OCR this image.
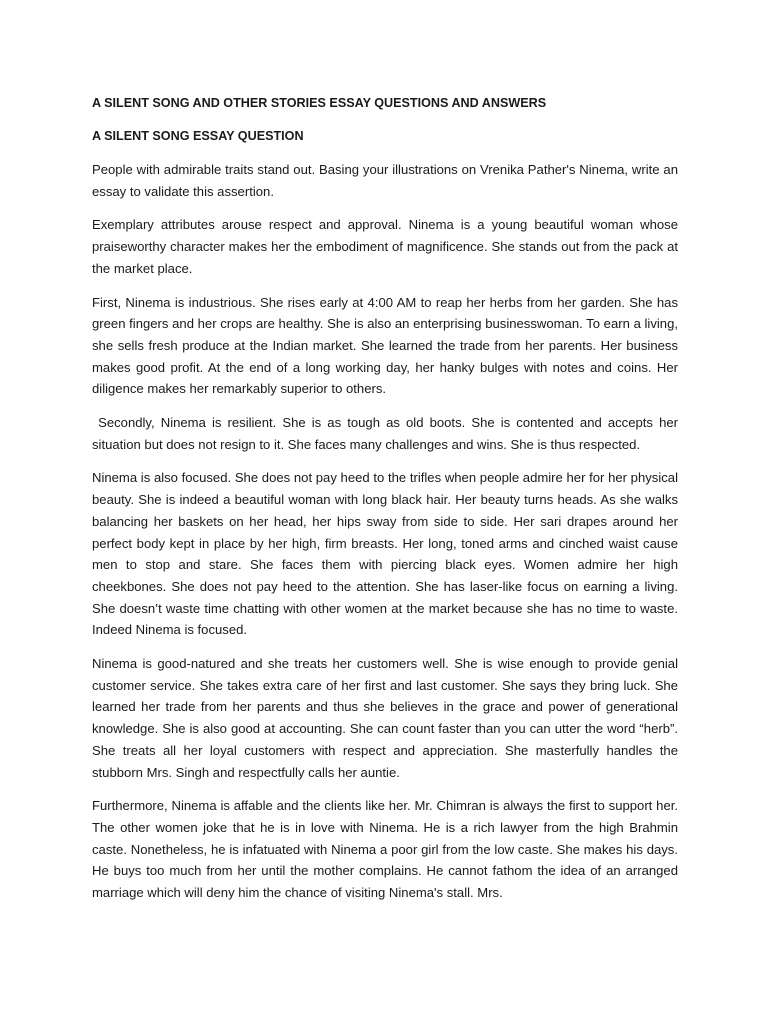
A SILENT SONG AND OTHER STORIES ESSAY QUESTIONS AND ANSWERS
A SILENT SONG ESSAY QUESTION

People with admirable traits stand out. Basing your illustrations on Vrenika Pather's Ninema, write an essay to validate this assertion.

Exemplary attributes arouse respect and approval. Ninema is a young beautiful woman whose praiseworthy character makes her the embodiment of magnificence. She stands out from the pack at the market place.

First, Ninema is industrious. She rises early at 4:00 AM to reap her herbs from her garden. She has green fingers and her crops are healthy. She is also an enterprising businesswoman. To earn a living, she sells fresh produce at the Indian market. She learned the trade from her parents. Her business makes good profit. At the end of a long working day, her hanky bulges with notes and coins. Her diligence makes her remarkably superior to others.

Secondly, Ninema is resilient. She is as tough as old boots. She is contented and accepts her situation but does not resign to it. She faces many challenges and wins. She is thus respected.

Ninema is also focused. She does not pay heed to the trifles when people admire her for her physical beauty. She is indeed a beautiful woman with long black hair. Her beauty turns heads. As she walks balancing her baskets on her head, her hips sway from side to side. Her sari drapes around her perfect body kept in place by her high, firm breasts. Her long, toned arms and cinched waist cause men to stop and stare. She faces them with piercing black eyes. Women admire her high cheekbones. She does not pay heed to the attention. She has laser-like focus on earning a living. She doesn’t waste time chatting with other women at the market because she has no time to waste. Indeed Ninema is focused.

Ninema is good-natured and she treats her customers well. She is wise enough to provide genial customer service. She takes extra care of her first and last customer. She says they bring luck. She learned her trade from her parents and thus she believes in the grace and power of generational knowledge. She is also good at accounting. She can count faster than you can utter the word “herb”. She treats all her loyal customers with respect and appreciation. She masterfully handles the stubborn Mrs. Singh and respectfully calls her auntie.

Furthermore, Ninema is affable and the clients like her. Mr. Chimran is always the first to support her. The other women joke that he is in love with Ninema. He is a rich lawyer from the high Brahmin caste. Nonetheless, he is infatuated with Ninema a poor girl from the low caste. She makes his days. He buys too much from her until the mother complains. He cannot fathom the idea of an arranged marriage which will deny him the chance of visiting Ninema's stall. Mrs.
